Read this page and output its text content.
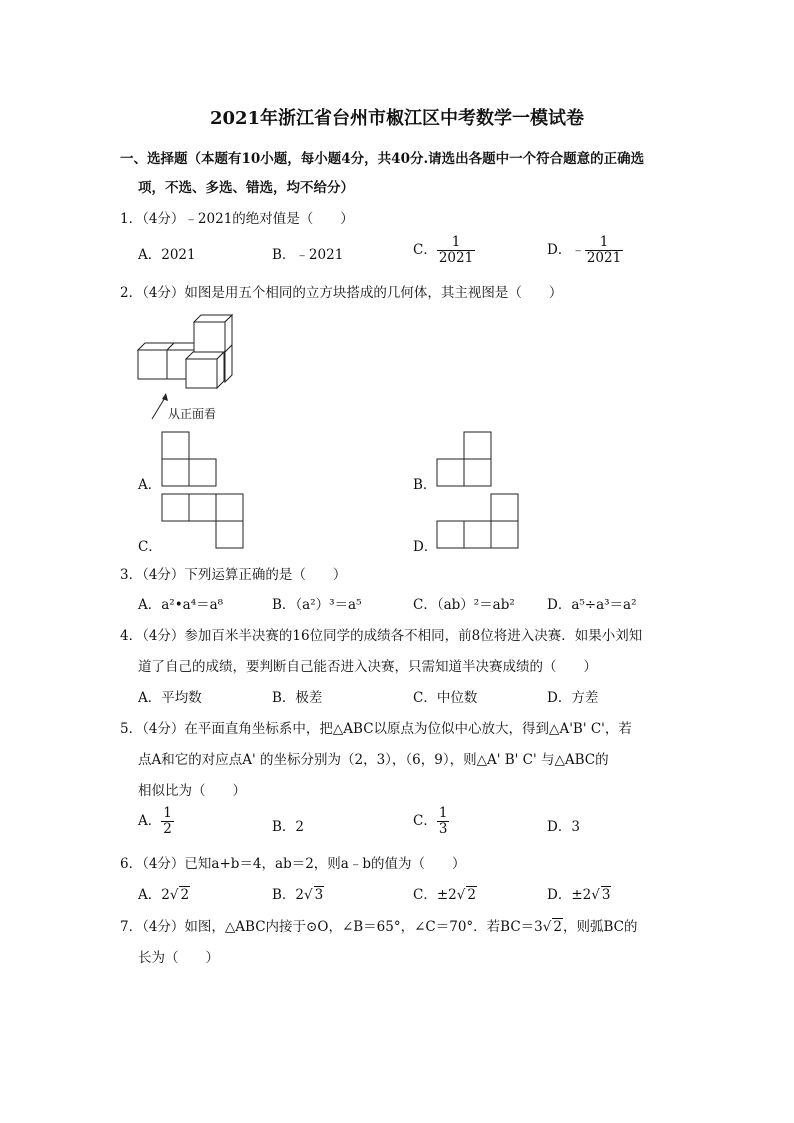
2021年浙江省台州市椒江区中考数学一模试卷
一、选择题（本题有10小题，每小题4分，共40分.请选出各题中一个符合题意的正确选
项，不选、多选、错选，均不给分）
1．（4分）﹣2021的绝对值是（　　）
A．2021	B．﹣2021	C． $\frac{1}{2021}$	D．﹣ $\frac{1}{2021}$
2．（4分）如图是用五个相同的立方块搭成的几何体，其主视图是（　　）
从正面看
A．	B．
C．	D．
3．（4分）下列运算正确的是（　　）
A．a²•a⁴＝a⁸	B．（a²）³＝a⁵	C．（ab）²＝ab² D．a⁵÷a³＝a²
4．（4分）参加百米半决赛的16位同学的成绩各不相同，前8位将进入决赛．如果小刘知
道了自己的成绩，要判断自己能否进入决赛，只需知道半决赛成绩的（　　）
A．平均数	B．极差	C．中位数	D．方差
5．（4分）在平面直角坐标系中，把△ABC以原点为位似中心放大，得到△A'B' C'，若
点A和它的对应点A' 的坐标分别为（2，3），（6，9），则△A' B' C' 与△ABC的
相似比为（　　）
A． $\frac{1}{2}$	B．2	C． $\frac{1}{3}$	D．3
6．（4分）已知a+b＝4，ab＝2，则a﹣b的值为（　　）
A．2√ 2	B．2√ 3	C．±2√ 2	D．±2√ 3
7．（4分）如图，△ABC内接于⊙O，∠B＝65°，∠C＝70°．若BC＝3√ 2，则弧BC的
长为（　　）
